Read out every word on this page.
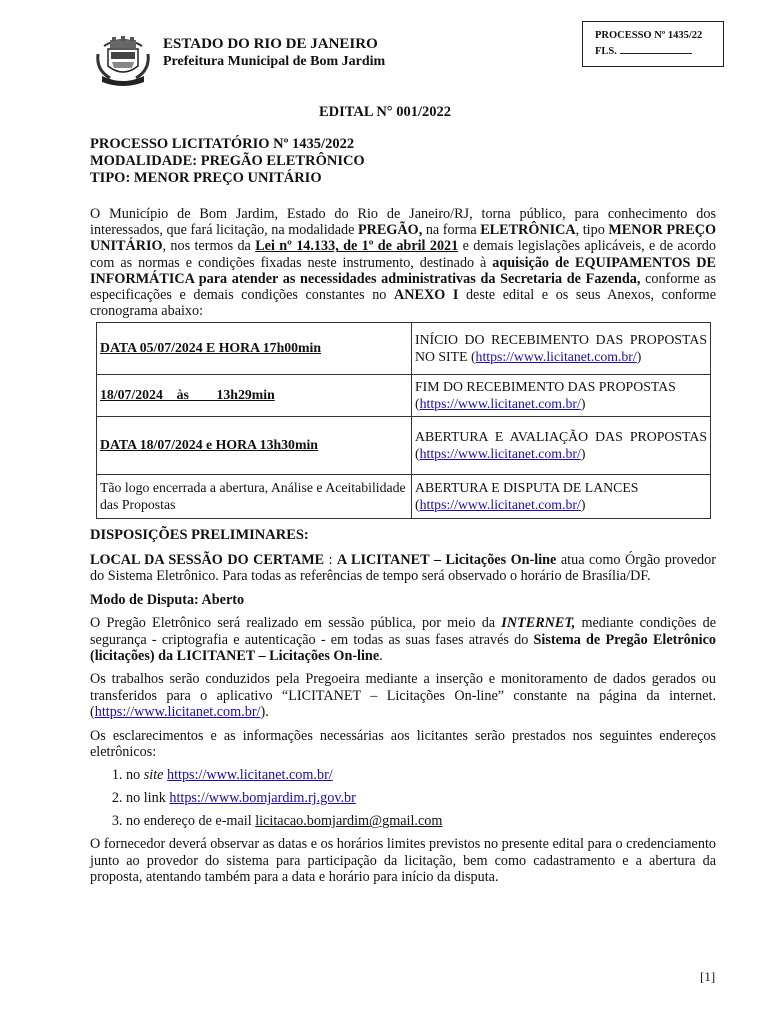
ESTADO DO RIO DE JANEIRO
Prefeitura Municipal de Bom Jardim
PROCESSO Nº 1435/22
FLS.
EDITAL N° 001/2022
PROCESSO LICITATÓRIO Nº 1435/2022
MODALIDADE: PREGÃO ELETRÔNICO
TIPO: MENOR PREÇO UNITÁRIO
O Município de Bom Jardim, Estado do Rio de Janeiro/RJ, torna público, para conhecimento dos interessados, que fará licitação, na modalidade PREGÃO, na forma ELETRÔNICA, tipo MENOR PREÇO UNITÁRIO, nos termos da Lei nº 14.133, de 1º de abril 2021 e demais legislações aplicáveis, e de acordo com as normas e condições fixadas neste instrumento, destinado à aquisição de EQUIPAMENTOS DE INFORMÁTICA para atender as necessidades administrativas da Secretaria de Fazenda, conforme as especificações e demais condições constantes no ANEXO I deste edital e os seus Anexos, conforme cronograma abaixo:
DATA 05/07/2024 E HORA 17h00min	INÍCIO DO RECEBIMENTO DAS PROPOSTAS NO SITE (https://www.licitanet.com.br/)
18/07/2024    às        13h29min	FIM DO RECEBIMENTO DAS PROPOSTAS (https://www.licitanet.com.br/)
DATA 18/07/2024 e HORA 13h30min	ABERTURA E AVALIAÇÃO DAS PROPOSTAS (https://www.licitanet.com.br/)
Tão logo encerrada a abertura, Análise e Aceitabilidade das Propostas	ABERTURA E DISPUTA DE LANCES (https://www.licitanet.com.br/)
DISPOSIÇÕES PRELIMINARES:

LOCAL DA SESSÃO DO CERTAME : A LICITANET – Licitações On-line atua como Órgão provedor do Sistema Eletrônico. Para todas as referências de tempo será observado o horário de Brasília/DF.

Modo de Disputa: Aberto

O Pregão Eletrônico será realizado em sessão pública, por meio da INTERNET, mediante condições de segurança - criptografia e autenticação - em todas as suas fases através do Sistema de Pregão Eletrônico (licitações) da LICITANET – Licitações On-line.

Os trabalhos serão conduzidos pela Pregoeira mediante a inserção e monitoramento de dados gerados ou transferidos para o aplicativo “LICITANET – Licitações On-line” constante na página da internet. (https://www.licitanet.com.br/).

Os esclarecimentos e as informações necessárias aos licitantes serão prestados nos seguintes endereços eletrônicos:

1. no site https://www.licitanet.com.br/
2. no link https://www.bomjardim.rj.gov.br
3. no endereço de e-mail licitacao.bomjardim@gmail.com

O fornecedor deverá observar as datas e os horários limites previstos no presente edital para o credenciamento junto ao provedor do sistema para participação da licitação, bem como cadastramento e a abertura da proposta, atentando também para a data e horário para início da disputa.

[1]
